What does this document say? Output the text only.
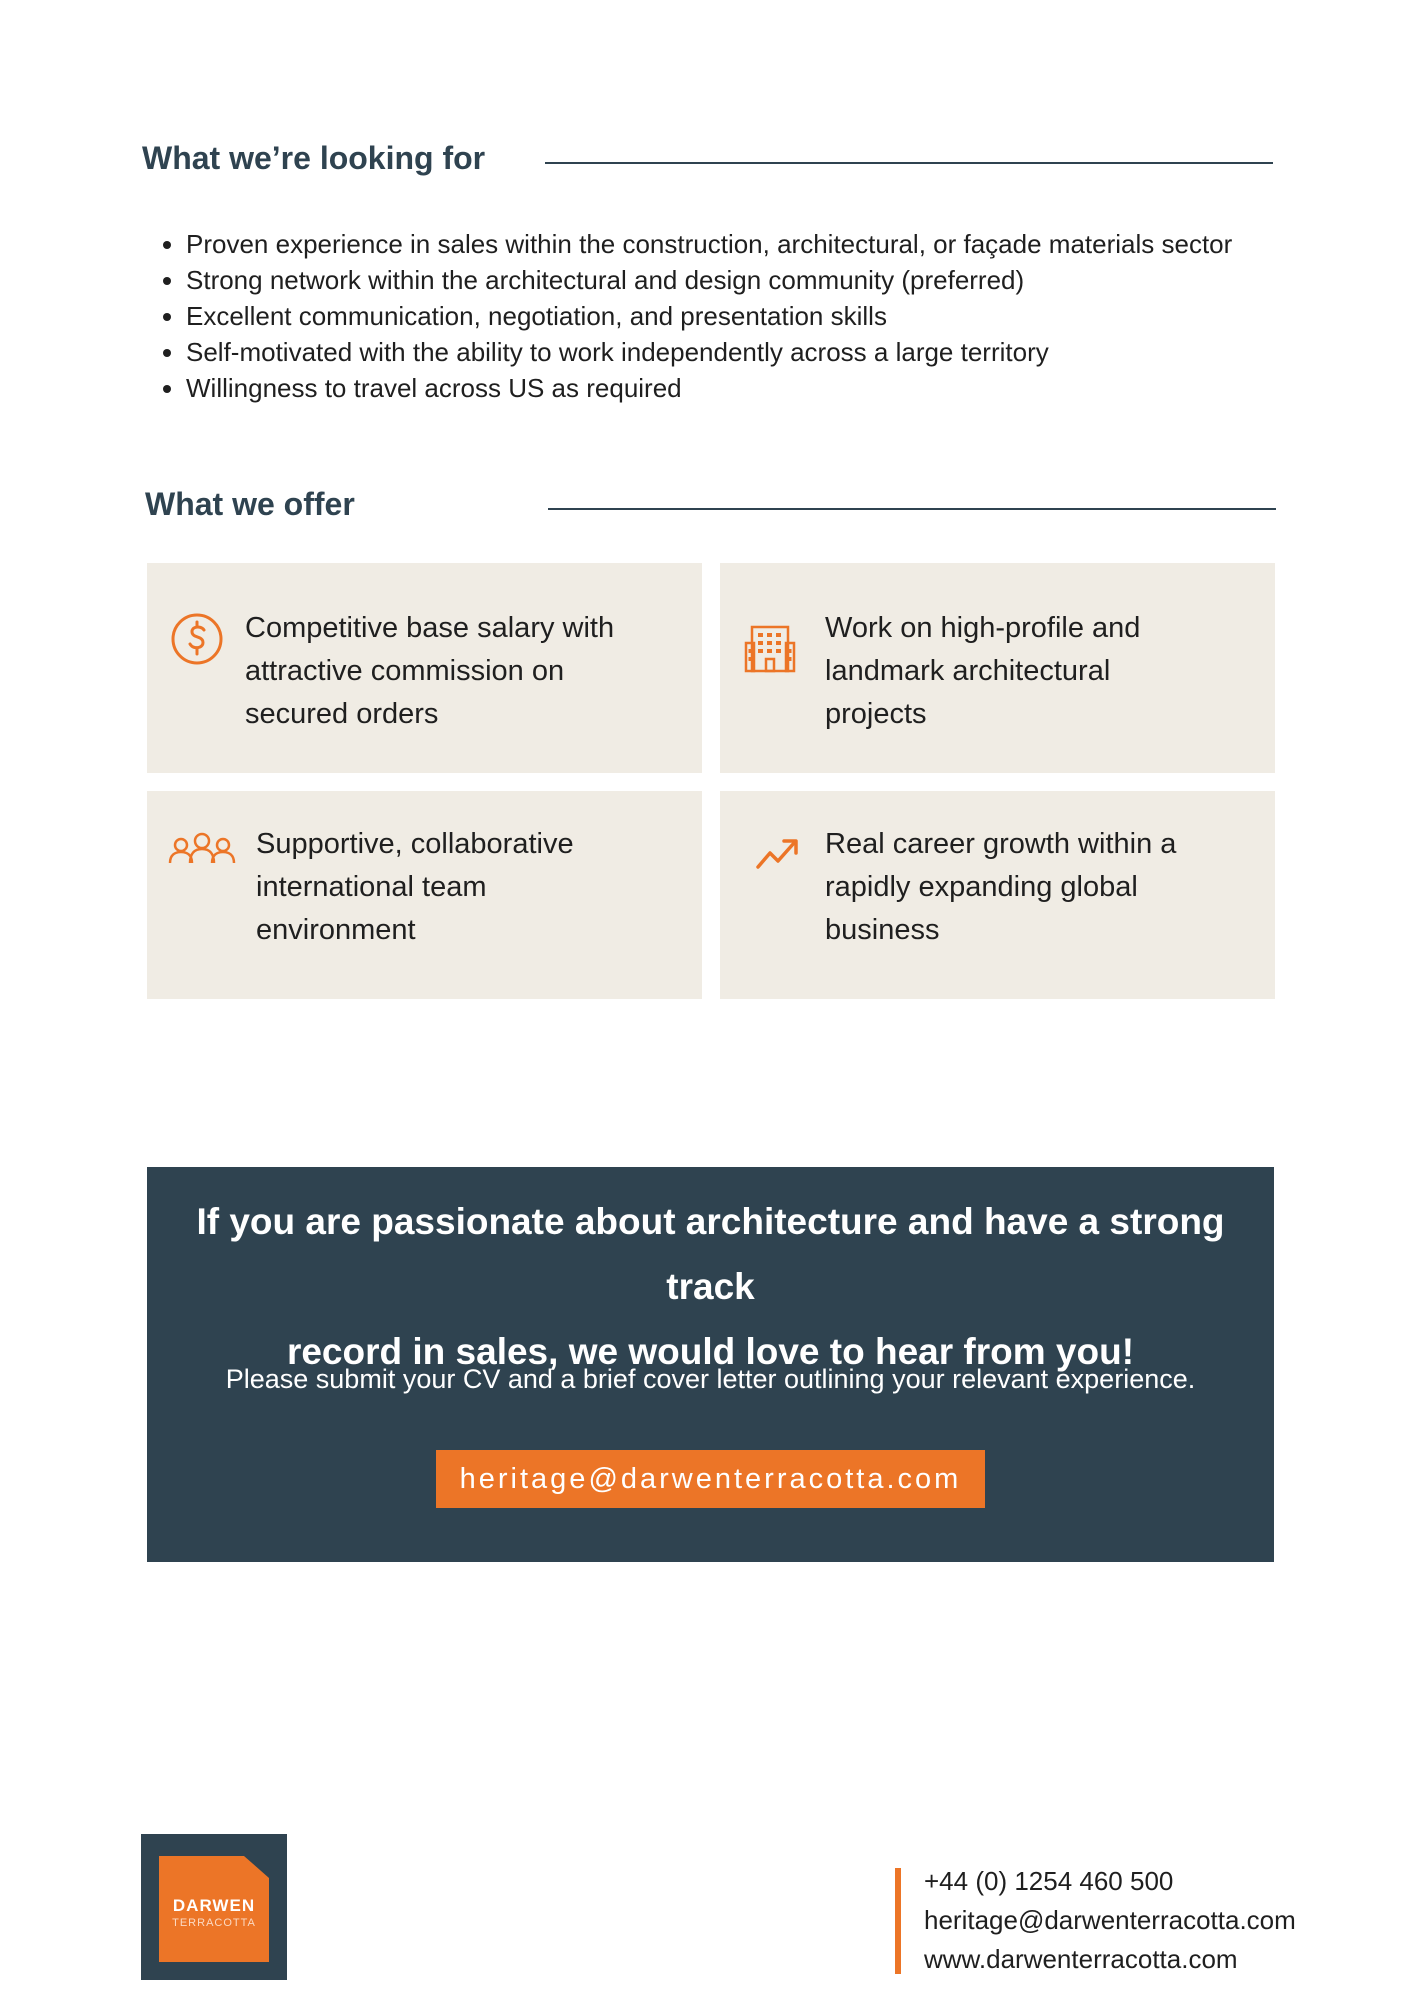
What we’re looking for
• Proven experience in sales within the construction, architectural, or façade materials sector
• Strong network within the architectural and design community (preferred)
• Excellent communication, negotiation, and presentation skills
• Self-motivated with the ability to work independently across a large territory
• Willingness to travel across US as required
What we offer
Competitive base salary with
attractive commission on
secured orders
Work on high-profile and
landmark architectural
projects
Supportive, collaborative
international team
environment
Real career growth within a
rapidly expanding global
business
If you are passionate about architecture and have a strong track
record in sales, we would love to hear from you!
Please submit your CV and a brief cover letter outlining your relevant experience.
heritage@darwenterracotta.com
DARWEN
TERRACOTTA
+44 (0) 1254 460 500
heritage@darwenterracotta.com
www.darwenterracotta.com
